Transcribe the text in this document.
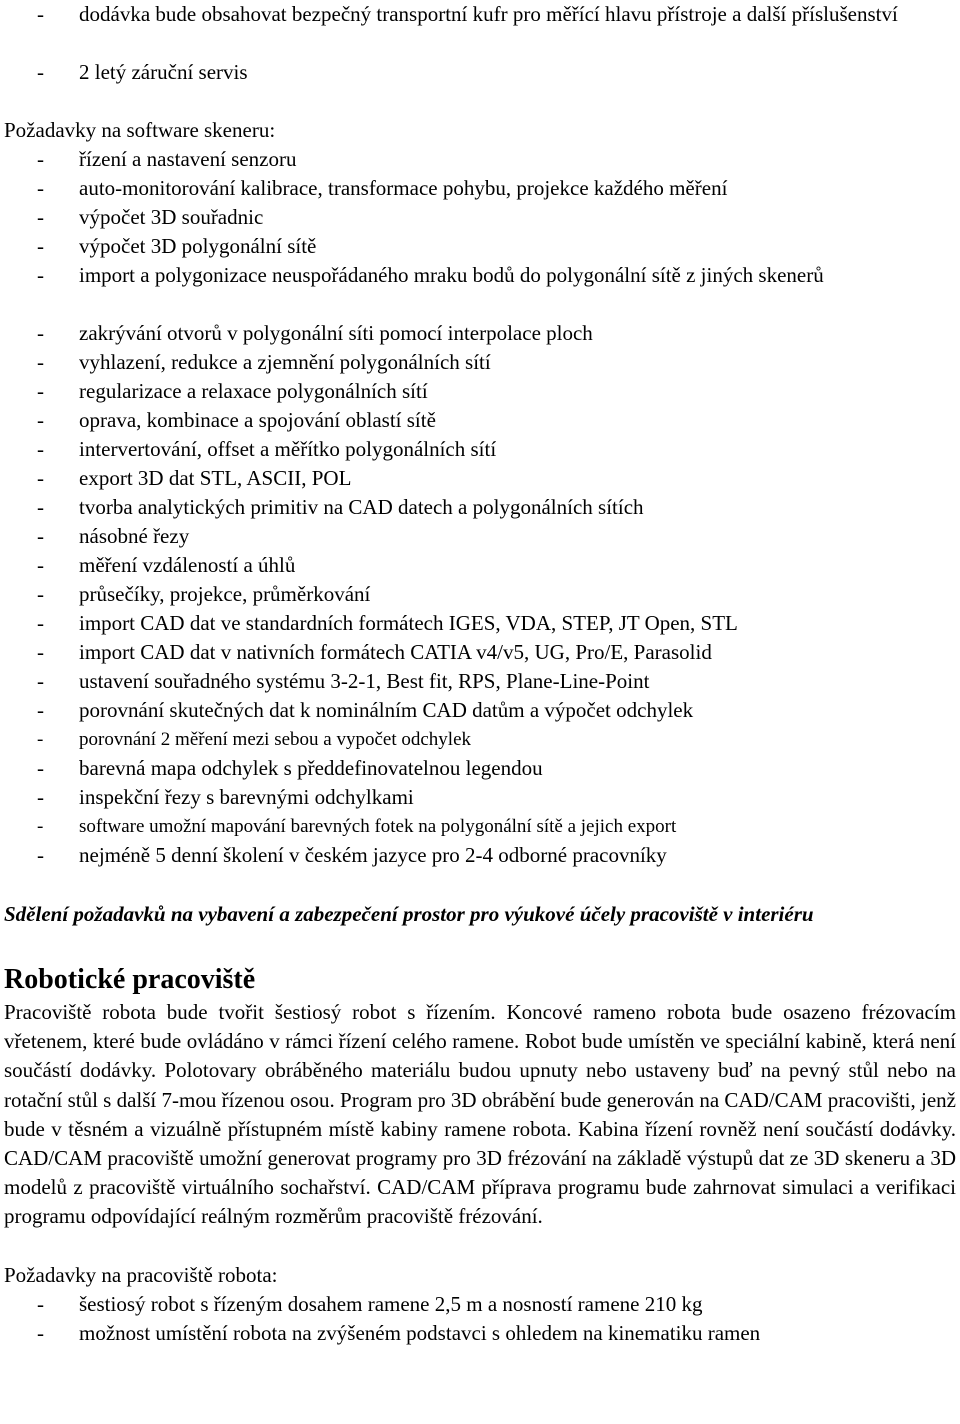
- dodávka bude obsahovat bezpečný transportní kufr pro měřící hlavu přístroje a další příslušenství
- 2 letý záruční servis
Požadavky na software skeneru:
- řízení a nastavení senzoru
- auto-monitorování kalibrace, transformace pohybu, projekce každého měření
- výpočet 3D souřadnic
- výpočet 3D polygonální sítě
- import a polygonizace neuspořádaného mraku bodů do polygonální sítě z jiných skenerů
- zakrývání otvorů v polygonální síti pomocí interpolace ploch
- vyhlazení, redukce a zjemnění polygonálních sítí
- regularizace a relaxace polygonálních sítí
- oprava, kombinace a spojování oblastí sítě
- intervertování, offset a měřítko polygonálních sítí
- export 3D dat STL, ASCII, POL
- tvorba analytických primitiv na CAD datech a polygonálních sítích
- násobné řezy
- měření vzdáleností a úhlů
- průsečíky, projekce, průměrkování
- import CAD dat ve standardních formátech IGES, VDA, STEP, JT Open, STL
- import CAD dat v nativních formátech CATIA v4/v5, UG, Pro/E, Parasolid
- ustavení souřadného systému 3-2-1, Best fit, RPS, Plane-Line-Point
- porovnání skutečných dat k nominálním CAD datům a výpočet odchylek
- porovnání 2 měření mezi sebou a vypočet odchylek
- barevná mapa odchylek s předdefinovatelnou legendou
- inspekční řezy s barevnými odchylkami
- software umožní mapování barevných fotek na polygonální sítě a jejich export
- nejméně 5 denní školení v českém jazyce pro 2-4 odborné pracovníky
Sdělení požadavků na vybavení a zabezpečení prostor pro výukové účely pracoviště v interiéru
Robotické pracoviště
Pracoviště robota bude tvořit šestiosý robot s řízením. Koncové rameno robota bude osazeno frézovacím vřetenem, které bude ovládáno v rámci řízení celého ramene. Robot bude umístěn ve speciální kabině, která není součástí dodávky. Polotovary obráběného materiálu budou upnuty nebo ustaveny buď na pevný stůl nebo na rotační stůl s další 7-mou řízenou osou. Program pro 3D obrábění bude generován na CAD/CAM pracovišti, jenž bude v těsném a vizuálně přístupném místě kabiny ramene robota. Kabina řízení rovněž není součástí dodávky. CAD/CAM pracoviště umožní generovat programy pro 3D frézování na základě výstupů dat ze 3D skeneru a 3D modelů z pracoviště virtuálního sochařství. CAD/CAM příprava programu bude zahrnovat simulaci a verifikaci programu odpovídající reálným rozměrům pracoviště frézování.
Požadavky na pracoviště robota:
- šestiosý robot s řízeným dosahem ramene 2,5 m a nosností ramene 210 kg
- možnost umístění robota na zvýšeném podstavci s ohledem na kinematiku ramen
